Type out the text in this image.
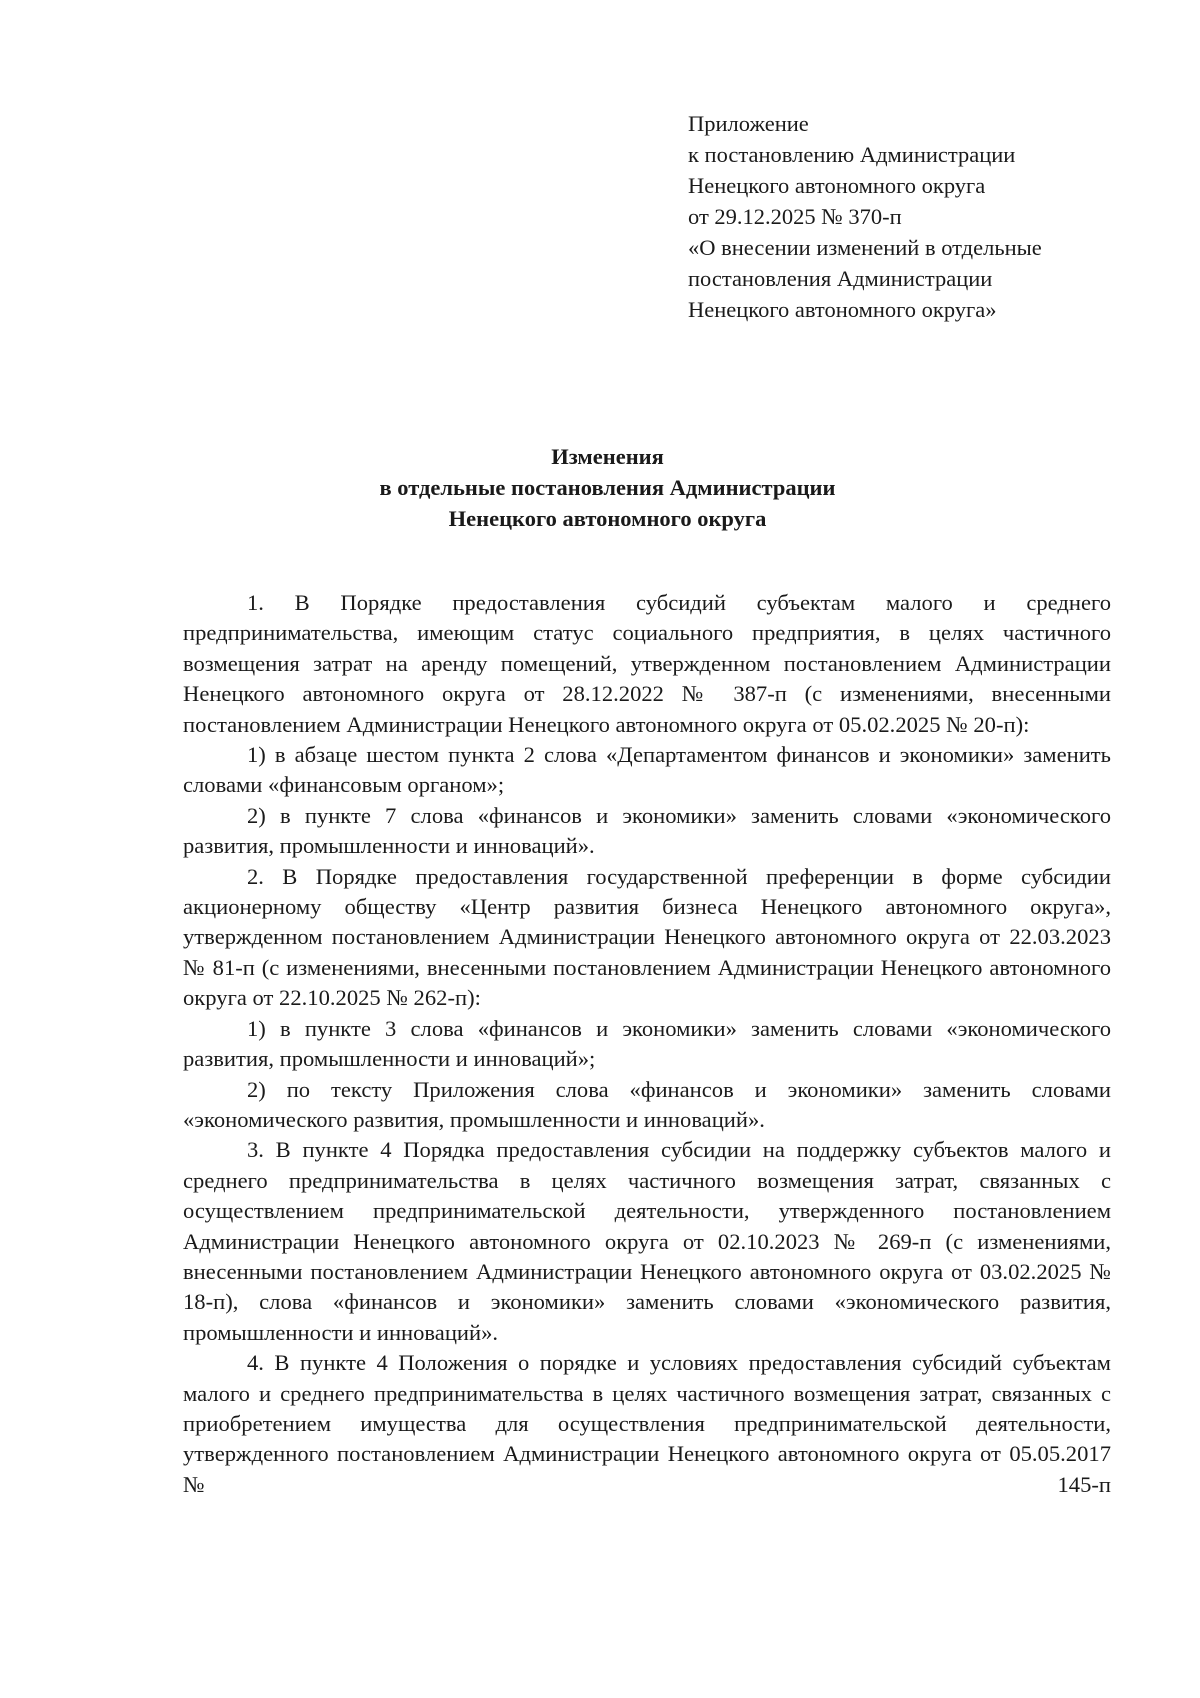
Приложение
к постановлению Администрации
Ненецкого автономного округа
от 29.12.2025 № 370-п
«О внесении изменений в отдельные
постановления Администрации
Ненецкого автономного округа»
Изменения
в отдельные постановления Администрации
Ненецкого автономного округа

1. В Порядке предоставления субсидий субъектам малого и среднего предпринимательства, имеющим статус социального предприятия, в целях частичного возмещения затрат на аренду помещений, утвержденном постановлением Администрации Ненецкого автономного округа от 28.12.2022 № 387-п (с изменениями, внесенными постановлением Администрации Ненецкого автономного округа от 05.02.2025 № 20-п):

1) в абзаце шестом пункта 2 слова «Департаментом финансов и экономики» заменить словами «финансовым органом»;

2) в пункте 7 слова «финансов и экономики» заменить словами «экономического развития, промышленности и инноваций».

2. В Порядке предоставления государственной преференции в форме субсидии акционерному обществу «Центр развития бизнеса Ненецкого автономного округа», утвержденном постановлением Администрации Ненецкого автономного округа от 22.03.2023 № 81-п (с изменениями, внесенными постановлением Администрации Ненецкого автономного округа от 22.10.2025 № 262-п):

1) в пункте 3 слова «финансов и экономики» заменить словами «экономического развития, промышленности и инноваций»;

2) по тексту Приложения слова «финансов и экономики» заменить словами «экономического развития, промышленности и инноваций».

3. В пункте 4 Порядка предоставления субсидии на поддержку субъектов малого и среднего предпринимательства в целях частичного возмещения затрат, связанных с осуществлением предпринимательской деятельности, утвержденного постановлением Администрации Ненецкого автономного округа от 02.10.2023 № 269-п (с изменениями, внесенными постановлением Администрации Ненецкого автономного округа от 03.02.2025 № 18-п), слова «финансов и экономики» заменить словами «экономического развития, промышленности и инноваций».

4. В пункте 4 Положения о порядке и условиях предоставления субсидий субъектам малого и среднего предпринимательства в целях частичного возмещения затрат, связанных с приобретением имущества для осуществления предпринимательской деятельности, утвержденного постановлением Администрации Ненецкого автономного округа от 05.05.2017 № 145-п
